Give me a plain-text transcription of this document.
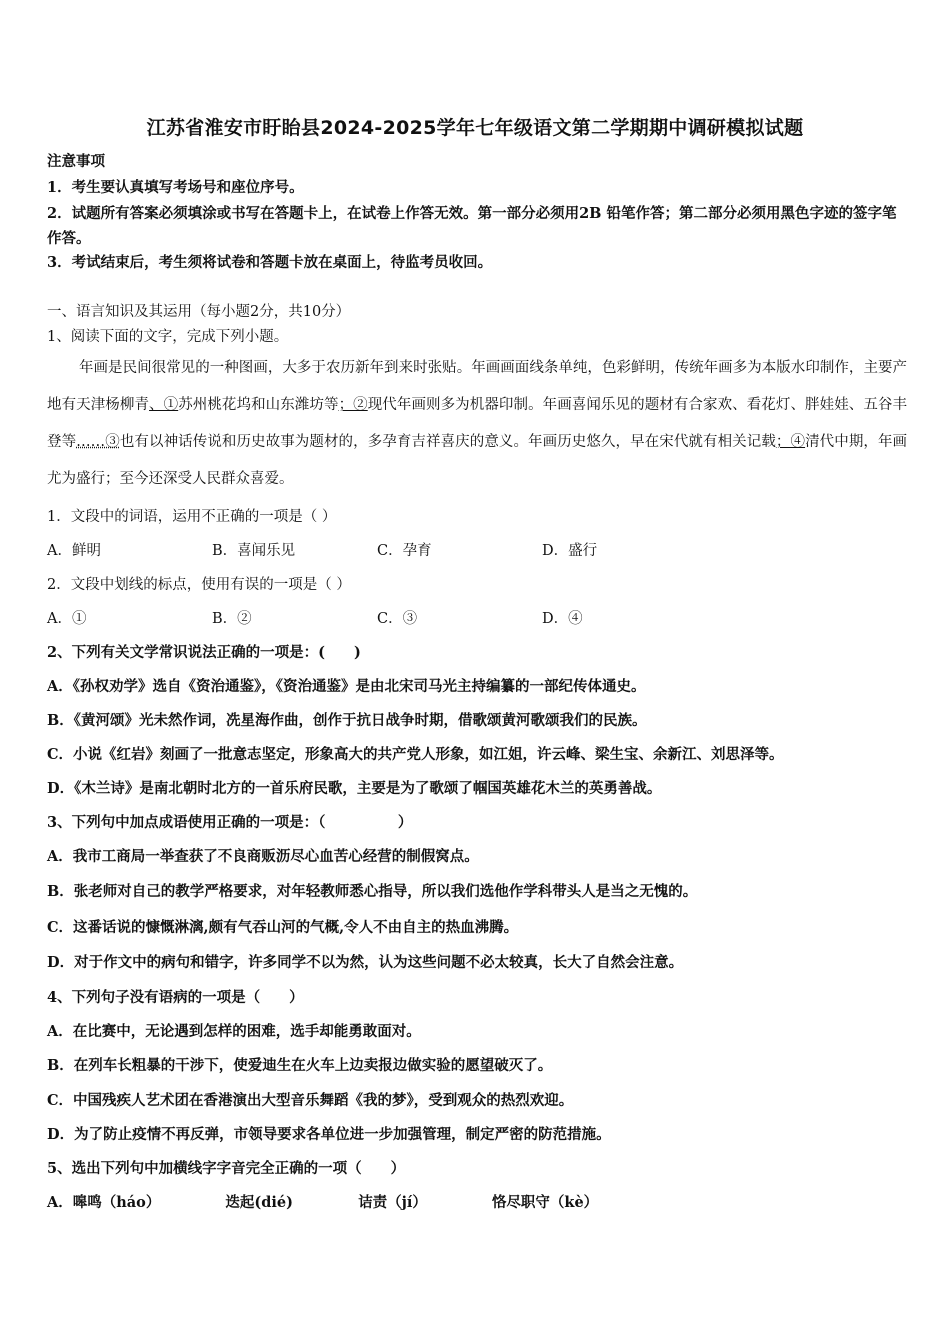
江苏省淮安市盱眙县2024-2025学年七年级语文第二学期期中调研模拟试题
注意事项
1．考生要认真填写考场号和座位序号。
2．试题所有答案必须填涂或书写在答题卡上，在试卷上作答无效。第一部分必须用2B 铅笔作答；第二部分必须用黑色字迹的签字笔作答。
3．考试结束后，考生须将试卷和答题卡放在桌面上，待监考员收回。
一、语言知识及其运用（每小题2分，共10分）
1、阅读下面的文字，完成下列小题。
年画是民间很常见的一种图画，大多于农历新年到来时张贴。年画画面线条单纯，色彩鲜明，传统年画多为本版水印制作，主要产地有天津杨柳青、①苏州桃花坞和山东潍坊等；②现代年画则多为机器印制。年画喜闻乐见的题材有合家欢、看花灯、胖娃娃、五谷丰登等……③也有以神话传说和历史故事为题材的，多孕育吉祥喜庆的意义。年画历史悠久，早在宋代就有相关记载；④清代中期，年画尤为盛行；至今还深受人民群众喜爱。
1．文段中的词语，运用不正确的一项是（ ）
A．鲜明	B．喜闻乐见	C．孕育	D．盛行
2．文段中划线的标点，使用有误的一项是（ ）
A．①	B．②	C．③	D．④
2、下列有关文学常识说法正确的一项是：(　　)
A．《孙权劝学》选自《资治通鉴》，《资治通鉴》是由北宋司马光主持编纂的一部纪传体通史。
B．《黄河颂》光未然作词，冼星海作曲，创作于抗日战争时期，借歌颂黄河歌颂我们的民族。
C．小说《红岩》刻画了一批意志坚定，形象高大的共产党人形象，如江姐，许云峰、梁生宝、余新江、刘思泽等。
D．《木兰诗》是南北朝时北方的一首乐府民歌，主要是为了歌颂了帼国英雄花木兰的英勇善战。
3、下列句中加点成语使用正确的一项是：（　　　　　）
A．我市工商局一举查获了不良商贩沥尽心血苦心经营的制假窝点。
B．张老师对自己的教学严格要求，对年轻教师悉心指导，所以我们选他作学科带头人是当之无愧的。
C．这番话说的慷慨淋漓,颇有气吞山河的气概,令人不由自主的热血沸腾。
D．对于作文中的病句和错字，许多同学不以为然，认为这些问题不必太较真，长大了自然会注意。
4、下列句子没有语病的一项是（　　）
A．在比赛中，无论遇到怎样的困难，选手却能勇敢面对。
B．在列车长粗暴的干涉下，使爱迪生在火车上边卖报边做实验的愿望破灭了。
C．中国残疾人艺术团在香港演出大型音乐舞蹈《我的梦》，受到观众的热烈欢迎。
D．为了防止疫情不再反弹，市领导要求各单位进一步加强管理，制定严密的防范措施。
5、选出下列句中加横线字字音完全正确的一项（　　）
A．嗥鸣（háo）	迭起(dié)	诘责（jí）	恪尽职守（kè）
